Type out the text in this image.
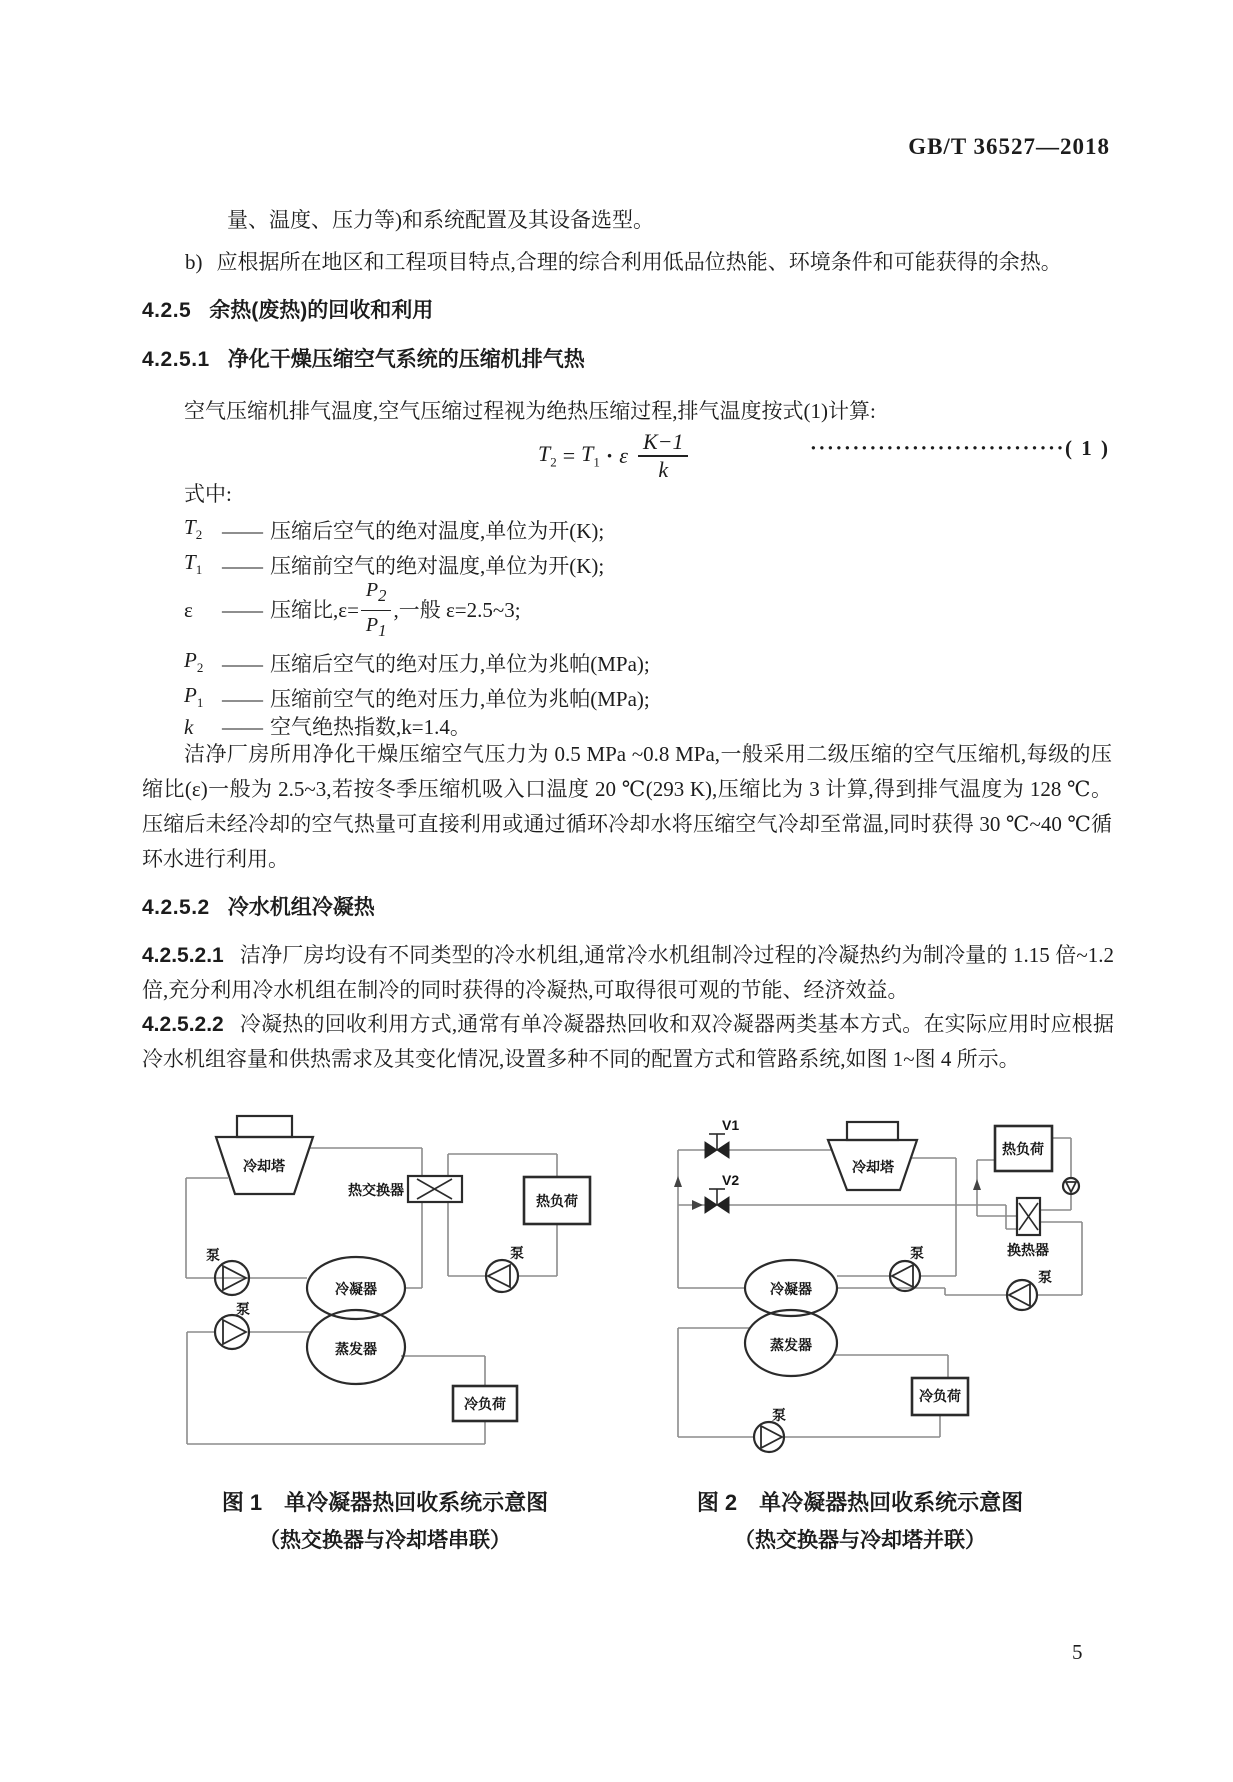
GB/T 36527—2018
量、温度、压力等)和系统配置及其设备选型。
b) 应根据所在地区和工程项目特点,合理的综合利用低品位热能、环境条件和可能获得的余热。
4.2.5 余热(废热)的回收和利用
4.2.5.1 净化干燥压缩空气系统的压缩机排气热
空气压缩机排气温度,空气压缩过程视为绝热压缩过程,排气温度按式(1)计算:
$T_2 = T_1 \cdot \varepsilon \frac{K-1}{k}$	······························( 1 )
式中:
$T_2$ —— 压缩后空气的绝对温度,单位为开(K);
$T_1$ —— 压缩前空气的绝对温度,单位为开(K);
ε	—— 压缩比$,\varepsilon= \frac{P_2}{P_1}$ ,一般 ε=2.5~3;
$P_2$ —— 压缩后空气的绝对压力,单位为兆帕(MPa);
$P_1$ —— 压缩前空气的绝对压力,单位为兆帕(MPa);
k	—— 空气绝热指数,k=1.4。
洁净厂房所用净化干燥压缩空气压力为 0.5 MPa ~0.8 MPa,一般采用二级压缩的空气压缩机,每级的压缩比(ε)一般为 2.5~3,若按冬季压缩机吸入口温度 20 ℃(293 K),压缩比为 3 计算,得到排气温度为 128 ℃。压缩后未经冷却的空气热量可直接利用或通过循环冷却水将压缩空气冷却至常温,同时获得 30 ℃~40 ℃循环水进行利用。
4.2.5.2 冷水机组冷凝热
4.2.5.2.1 洁净厂房均设有不同类型的冷水机组,通常冷水机组制冷过程的冷凝热约为制冷量的 1.15 倍~1.2 倍,充分利用冷水机组在制冷的同时获得的冷凝热,可取得很可观的节能、经济效益。
4.2.5.2.2 冷凝热的回收利用方式,通常有单冷凝器热回收和双冷凝器两类基本方式。在实际应用时应根据冷水机组容量和供热需求及其变化情况,设置多种不同的配置方式和管路系统,如图 1~图 4 所示。
冷却塔
热交换器
热负荷
冷凝器
蒸发器
泵
泵
泵
冷负荷
V1
V2
冷却塔
热负荷
换热器
冷凝器
蒸发器
泵
泵
泵
冷负荷
图 1　单冷凝器热回收系统示意图
（热交换器与冷却塔串联）
图 2　单冷凝器热回收系统示意图
（热交换器与冷却塔并联）
5
